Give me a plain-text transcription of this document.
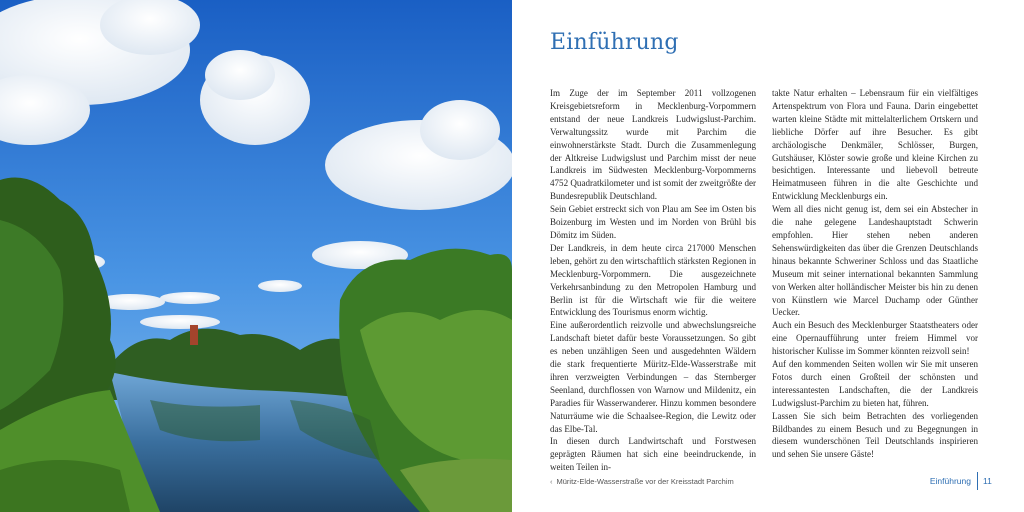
Einführung

Im Zuge der im September 2011 vollzogenen Kreisgebietsreform in Mecklenburg-Vorpommern entstand der neue Landkreis Ludwigslust-Parchim. Verwaltungssitz wurde mit Parchim die einwohnerstärkste Stadt. Durch die Zusammenlegung der Altkreise Ludwigslust und Parchim misst der neue Landkreis im Südwesten Mecklenburg-Vorpommerns 4752 Quadratkilometer und ist somit der zweitgrößte der Bundesrepublik Deutschland.

Sein Gebiet erstreckt sich von Plau am See im Osten bis Boizenburg im Westen und im Norden von Brühl bis Dömitz im Süden.

Der Landkreis, in dem heute circa 217000 Menschen leben, gehört zu den wirtschaftlich stärksten Regionen in Mecklenburg-Vorpommern. Die ausgezeichnete Verkehrsanbindung zu den Metropolen Hamburg und Berlin ist für die Wirtschaft wie für die weitere Entwicklung des Tourismus enorm wichtig.

Eine außerordentlich reizvolle und abwechslungsreiche Landschaft bietet dafür beste Voraussetzungen. So gibt es neben unzähligen Seen und ausgedehnten Wäldern die stark frequentierte Müritz-Elde-Wasserstraße mit ihren verzweigten Verbindungen – das Sternberger Seenland, durchflossen von Warnow und Mildenitz, ein Paradies für Wasserwanderer. Hinzu kommen besondere Naturräume wie die Schaalsee-Region, die Lewitz oder das Elbe-Tal.

In diesen durch Landwirtschaft und Forstwesen geprägten Räumen hat sich eine beeindruckende, in weiten Teilen in-

takte Natur erhalten – Lebensraum für ein vielfältiges Artenspektrum von Flora und Fauna. Darin eingebettet warten kleine Städte mit mittelalterlichem Ortskern und liebliche Dörfer auf ihre Besucher. Es gibt archäologische Denkmäler, Schlösser, Burgen, Gutshäuser, Klöster sowie große und kleine Kirchen zu besichtigen. Interessante und liebevoll betreute Heimatmuseen führen in die alte Geschichte und Entwicklung Mecklenburgs ein.

Wem all dies nicht genug ist, dem sei ein Abstecher in die nahe gelegene Landeshauptstadt Schwerin empfohlen. Hier stehen neben anderen Sehenswürdigkeiten das über die Grenzen Deutschlands hinaus bekannte Schweriner Schloss und das Staatliche Museum mit seiner international bekannten Sammlung von Werken alter holländischer Meister bis hin zu denen von Künstlern wie Marcel Duchamp oder Günther Uecker.

Auch ein Besuch des Mecklenburger Staatstheaters oder eine Opernaufführung unter freiem Himmel vor historischer Kulisse im Sommer könnten reizvoll sein!

Auf den kommenden Seiten wollen wir Sie mit unseren Fotos durch einen Großteil der schönsten und interessantesten Landschaften, die der Landkreis Ludwigslust-Parchim zu bieten hat, führen.

Lassen Sie sich beim Betrachten des vorliegenden Bildbandes zu einem Besuch und zu Begegnungen in diesem wunderschönen Teil Deutschlands inspirieren und sehen Sie unsere Gäste!

‹ Müritz-Elde-Wasserstraße vor der Kreisstadt Parchim	Einführung 11
